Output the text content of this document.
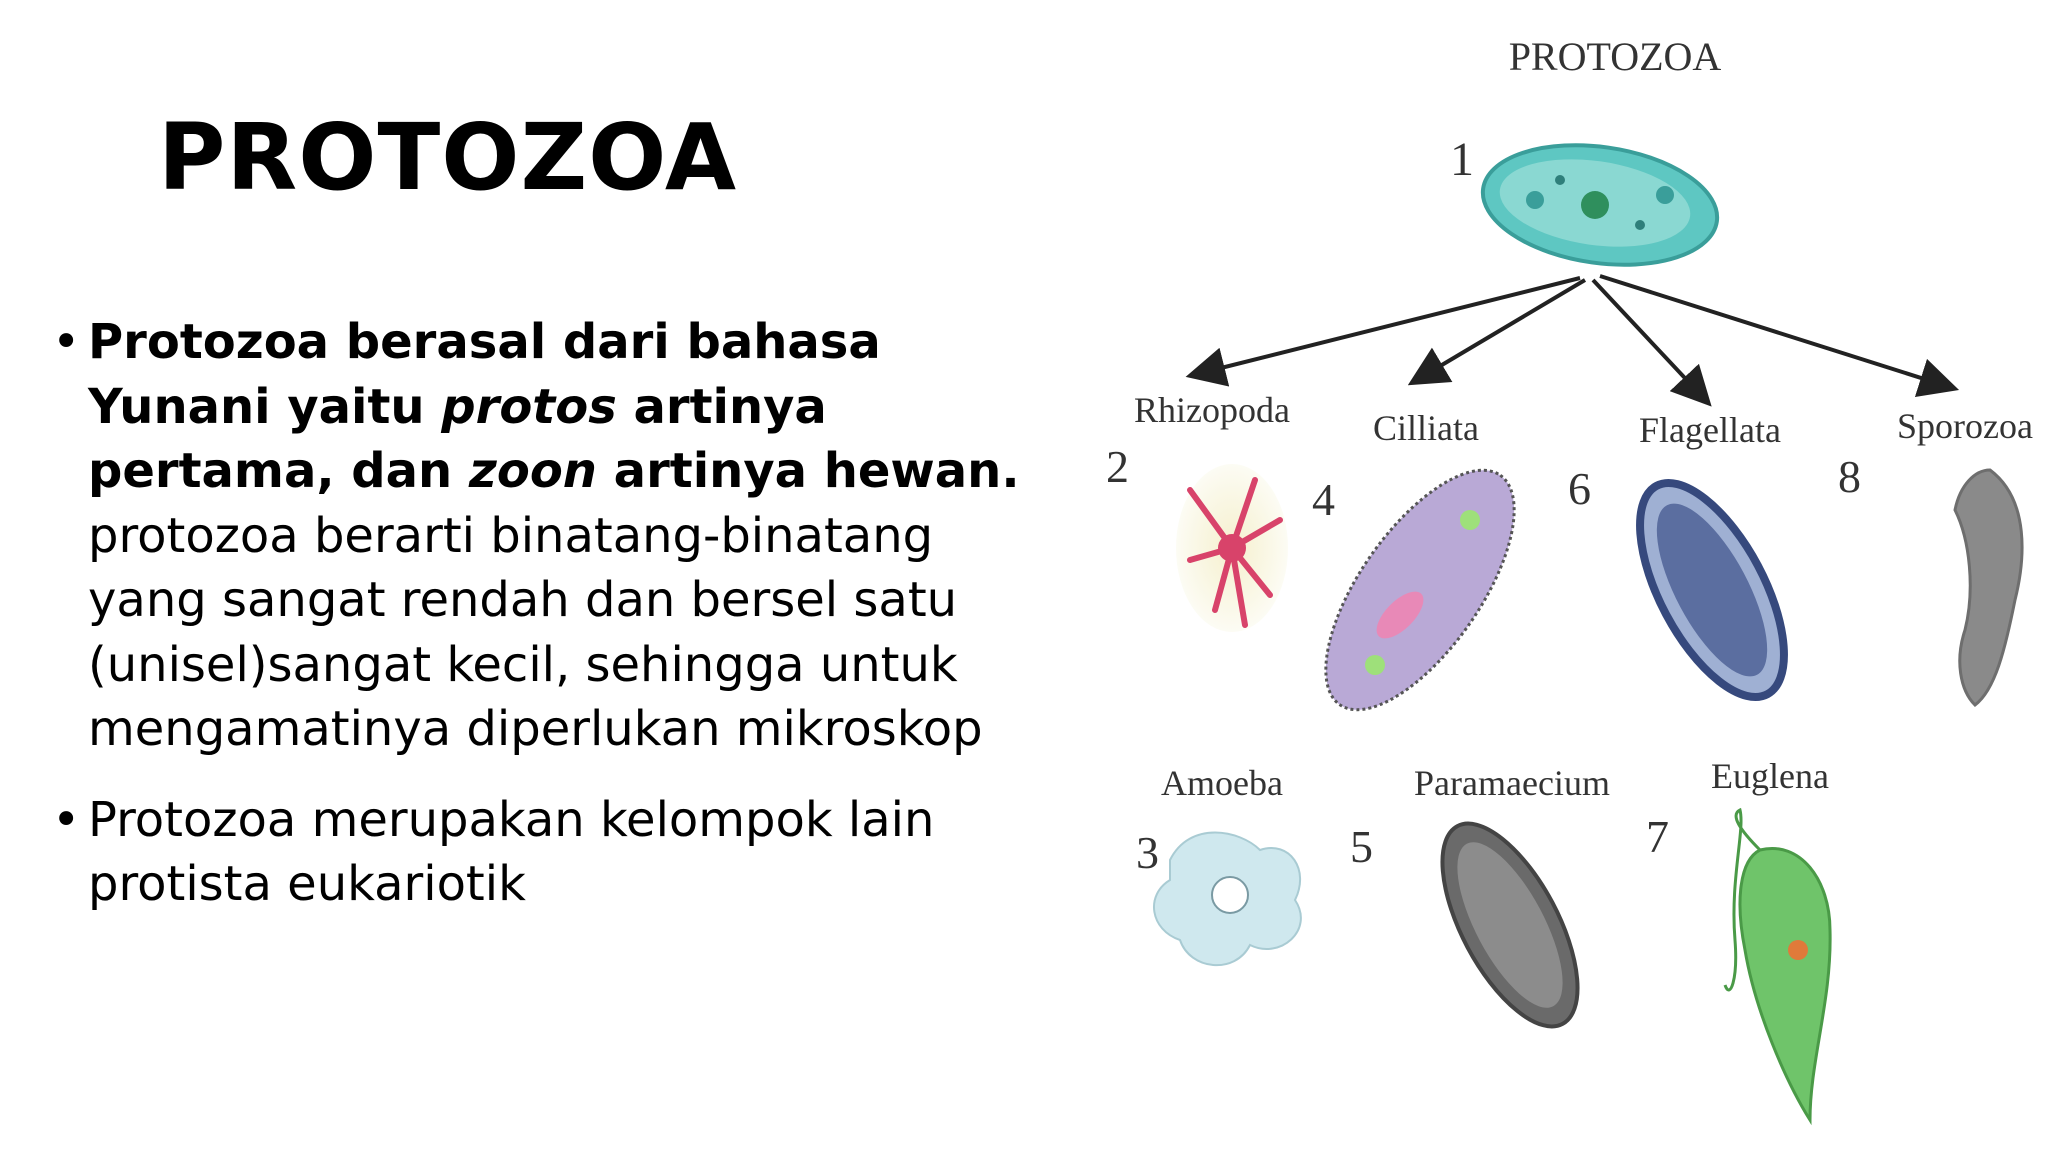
PROTOZOA
• Protozoa berasal dari bahasa Yunani yaitu protos artinya pertama, dan zoon artinya hewan. protozoa berarti binatang-binatang yang sangat rendah dan bersel satu (unisel)sangat kecil, sehingga untuk mengamatinya diperlukan mikroskop
• Protozoa merupakan kelompok lain protista eukariotik
PROTOZOA
1
Rhizopoda
2
Cilliata
4
Flagellata
6
Sporozoa
8
Amoeba
3
Paramaecium
5
Euglena
7
